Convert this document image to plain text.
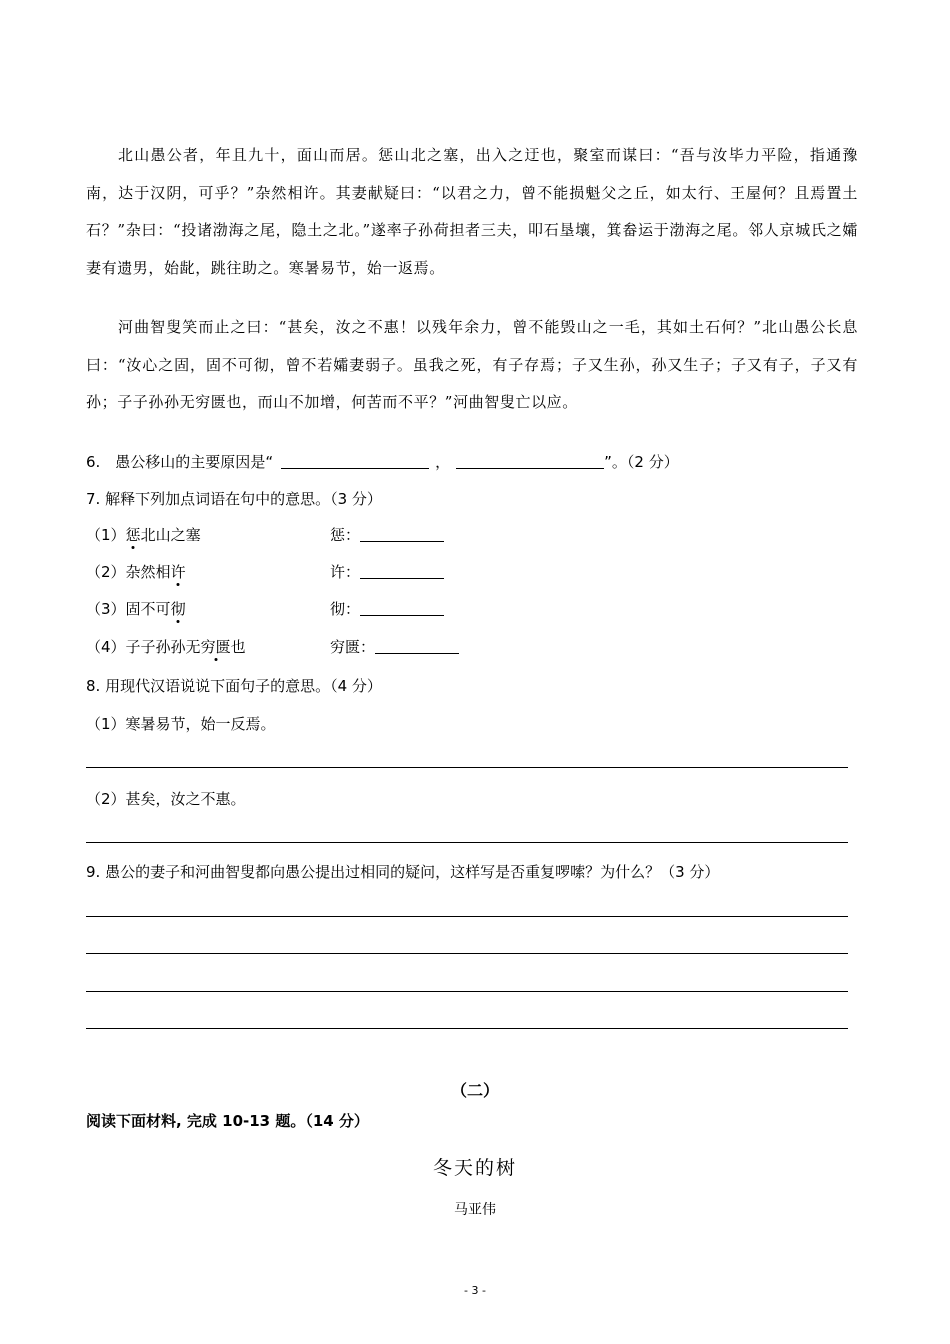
北山愚公者，年且九十，面山而居。惩山北之塞，出入之迂也，聚室而谋曰：“吾与汝毕力平险，指通豫南，达于汉阴，可乎？”杂然相许。其妻献疑曰：“以君之力，曾不能损魁父之丘，如太行、王屋何？且焉置土石？”杂曰：“投诸渤海之尾，隐土之北。”遂率子孙荷担者三夫，叩石垦壤，箕畚运于渤海之尾。邻人京城氏之孀妻有遗男，始龀，跳往助之。寒暑易节，始一返焉。

河曲智叟笑而止之曰：“甚矣，汝之不惠！以残年余力，曾不能毁山之一毛，其如土石何？”北山愚公长息曰：“汝心之固，固不可彻，曾不若孀妻弱子。虽我之死，有子存焉；子又生孙，孙又生子；子又有子，子又有孙；子子孙孙无穷匮也，而山不加增，何苦而不平？”河曲智叟亡以应。

6.　愚公移山的主要原因是“	，	”。（2 分）
7. 解释下列加点词语在句中的意思。（3 分）
（1）惩北山之塞	惩：
（2）杂然相许	许：
（3）固不可彻	彻：
（4）子子孙孙无穷匮也	穷匮：
8. 用现代汉语说说下面句子的意思。（4 分）
（1）寒暑易节，始一反焉。
（2）甚矣，汝之不惠。
9. 愚公的妻子和河曲智叟都向愚公提出过相同的疑问，这样写是否重复啰嗦？为什么？（3 分）
（二）
阅读下面材料, 完成 10-13 题。（14 分）
冬天的树
马亚伟
- 3 -
